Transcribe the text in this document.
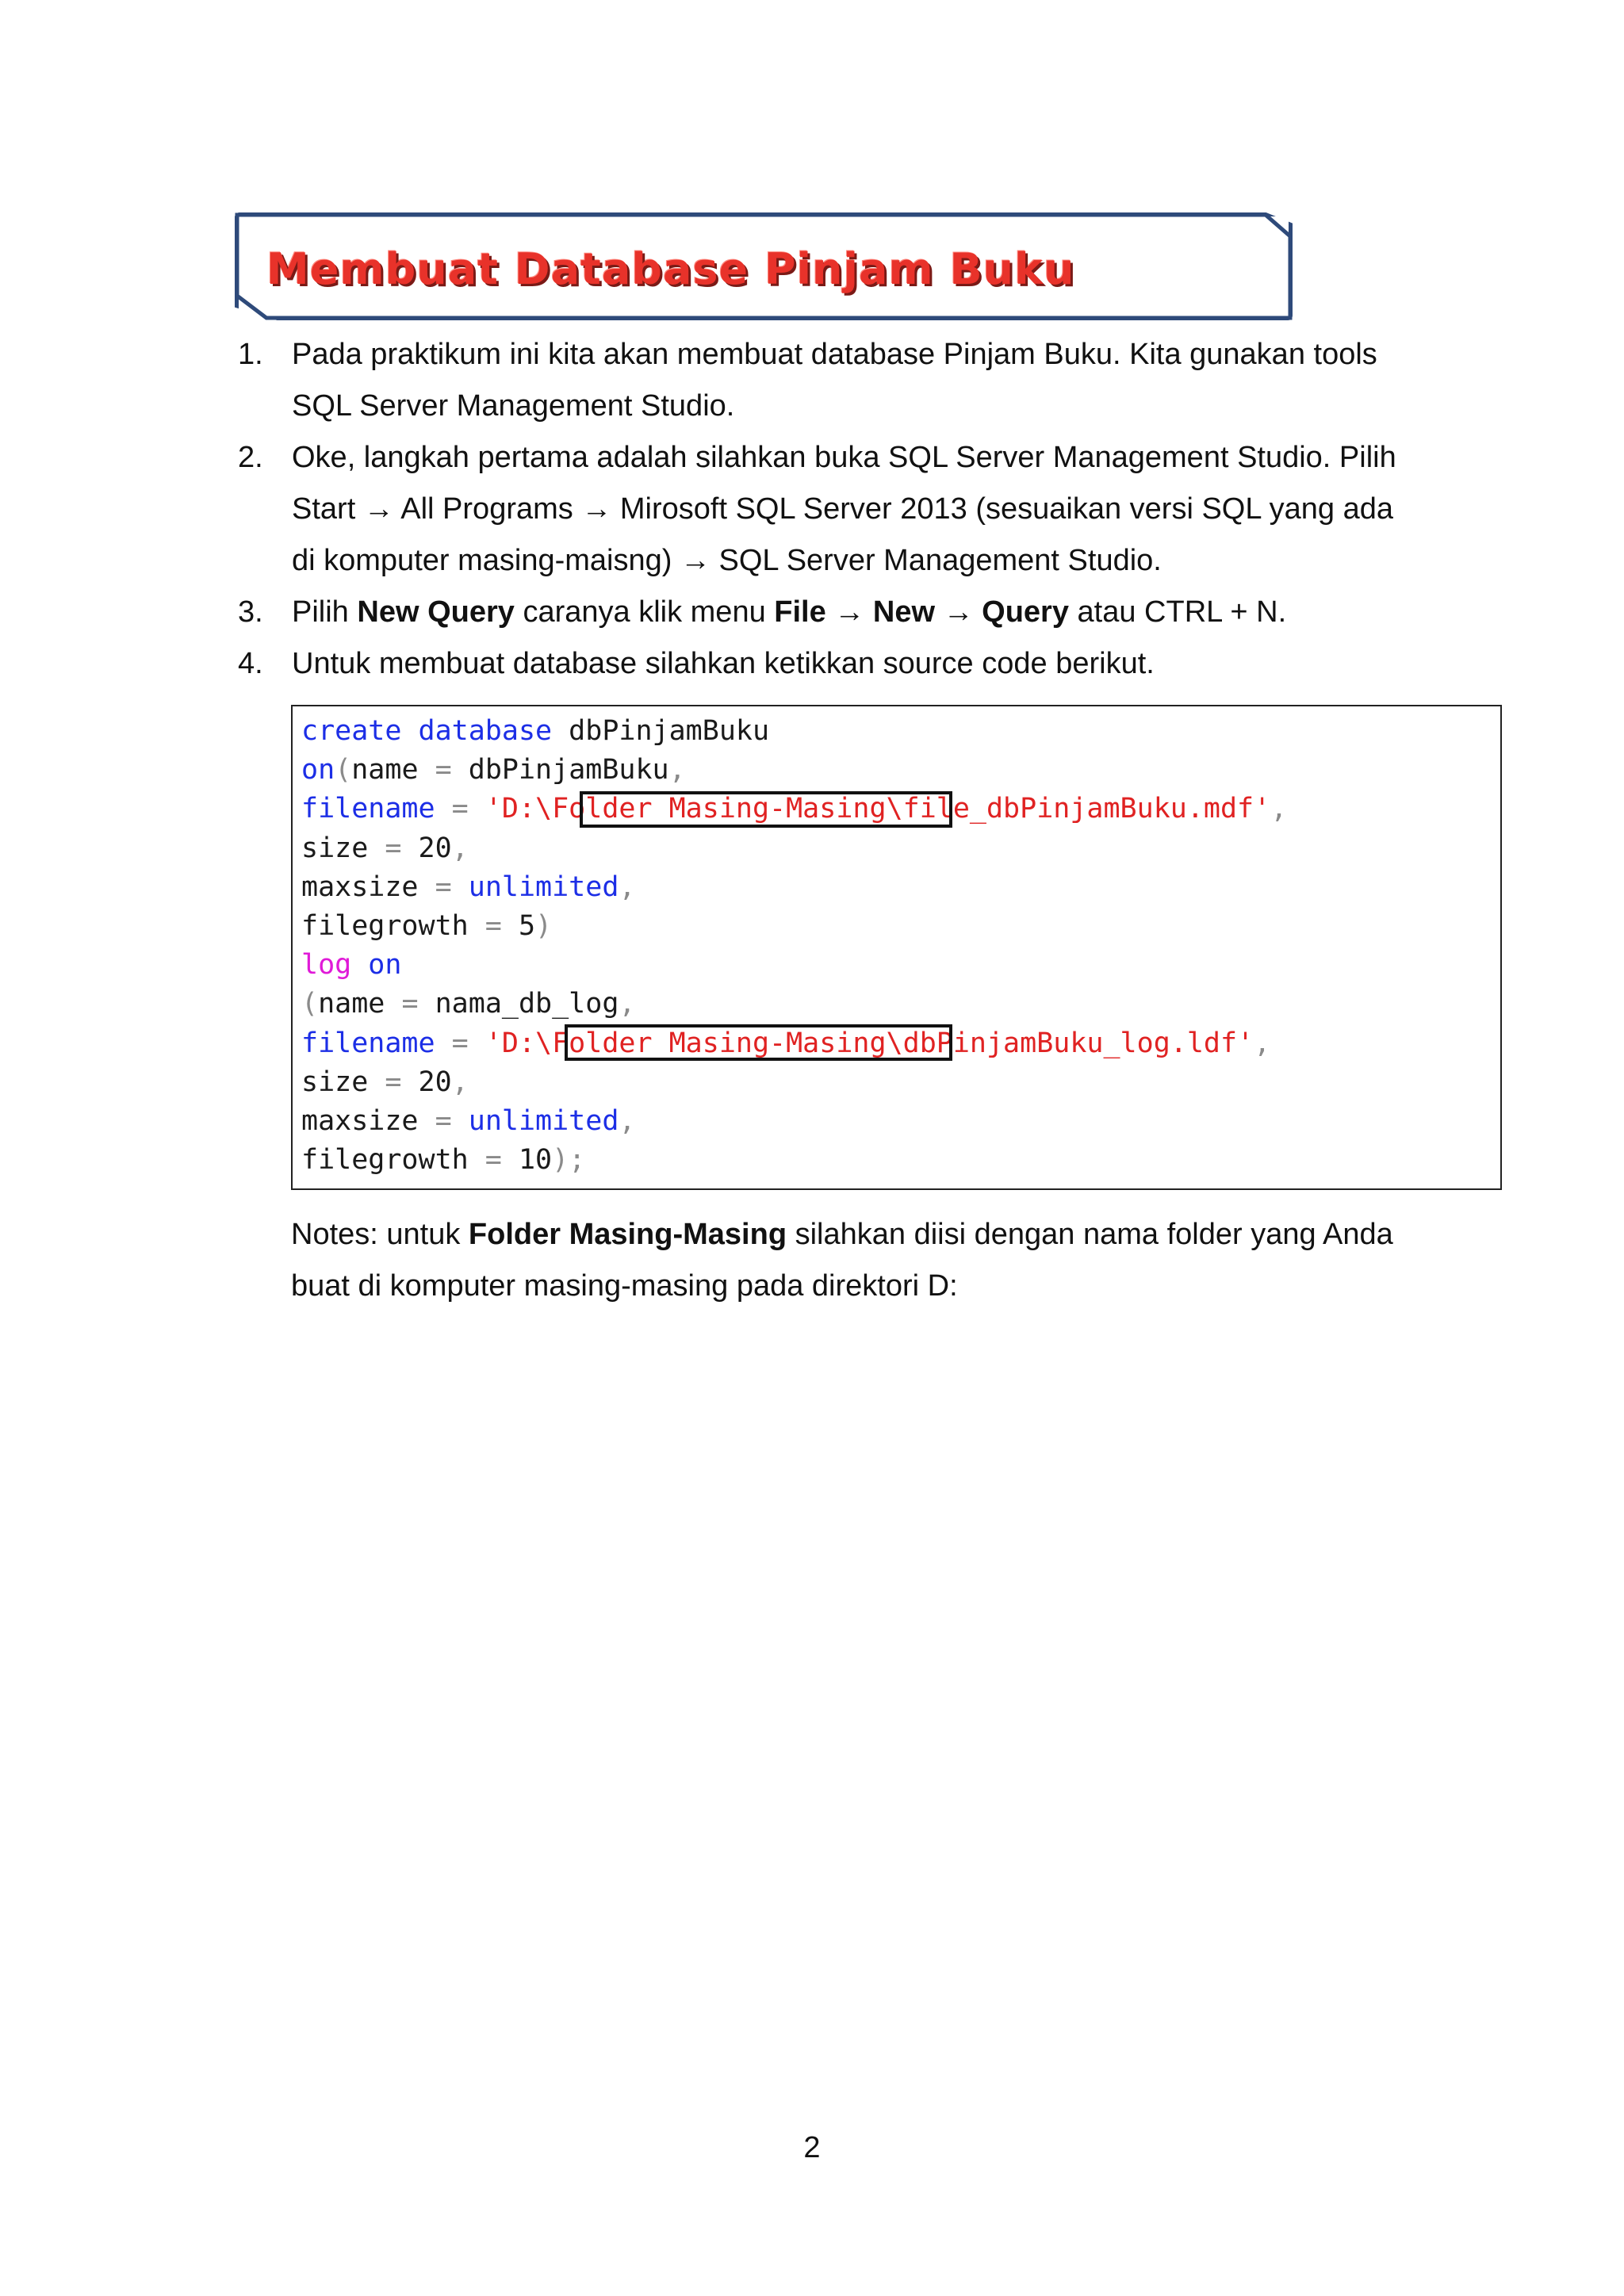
Membuat Database Pinjam Buku
1. Pada praktikum ini kita akan membuat database Pinjam Buku. Kita gunakan tools
SQL Server Management Studio.
2. Oke, langkah pertama adalah silahkan buka SQL Server Management Studio. Pilih
Start → All Programs → Mirosoft SQL Server 2013 (sesuaikan versi SQL yang ada
di komputer masing-maisng) → SQL Server Management Studio.
3. Pilih New Query caranya klik menu File → New → Query atau CTRL + N.
4. Untuk membuat database silahkan ketikkan source code berikut.
create database dbPinjamBuku
on(name = dbPinjamBuku,
filename = 'D:\Folder Masing-Masing\file_dbPinjamBuku.mdf',
size = 20,
maxsize = unlimited,
filegrowth = 5)
log on
(name = nama_db_log,
filename = 'D:\Folder Masing-Masing\dbPinjamBuku_log.ldf',
size = 20,
maxsize = unlimited,
filegrowth = 10);
Notes: untuk Folder Masing-Masing silahkan diisi dengan nama folder yang Anda
buat di komputer masing-masing pada direktori D:
2
